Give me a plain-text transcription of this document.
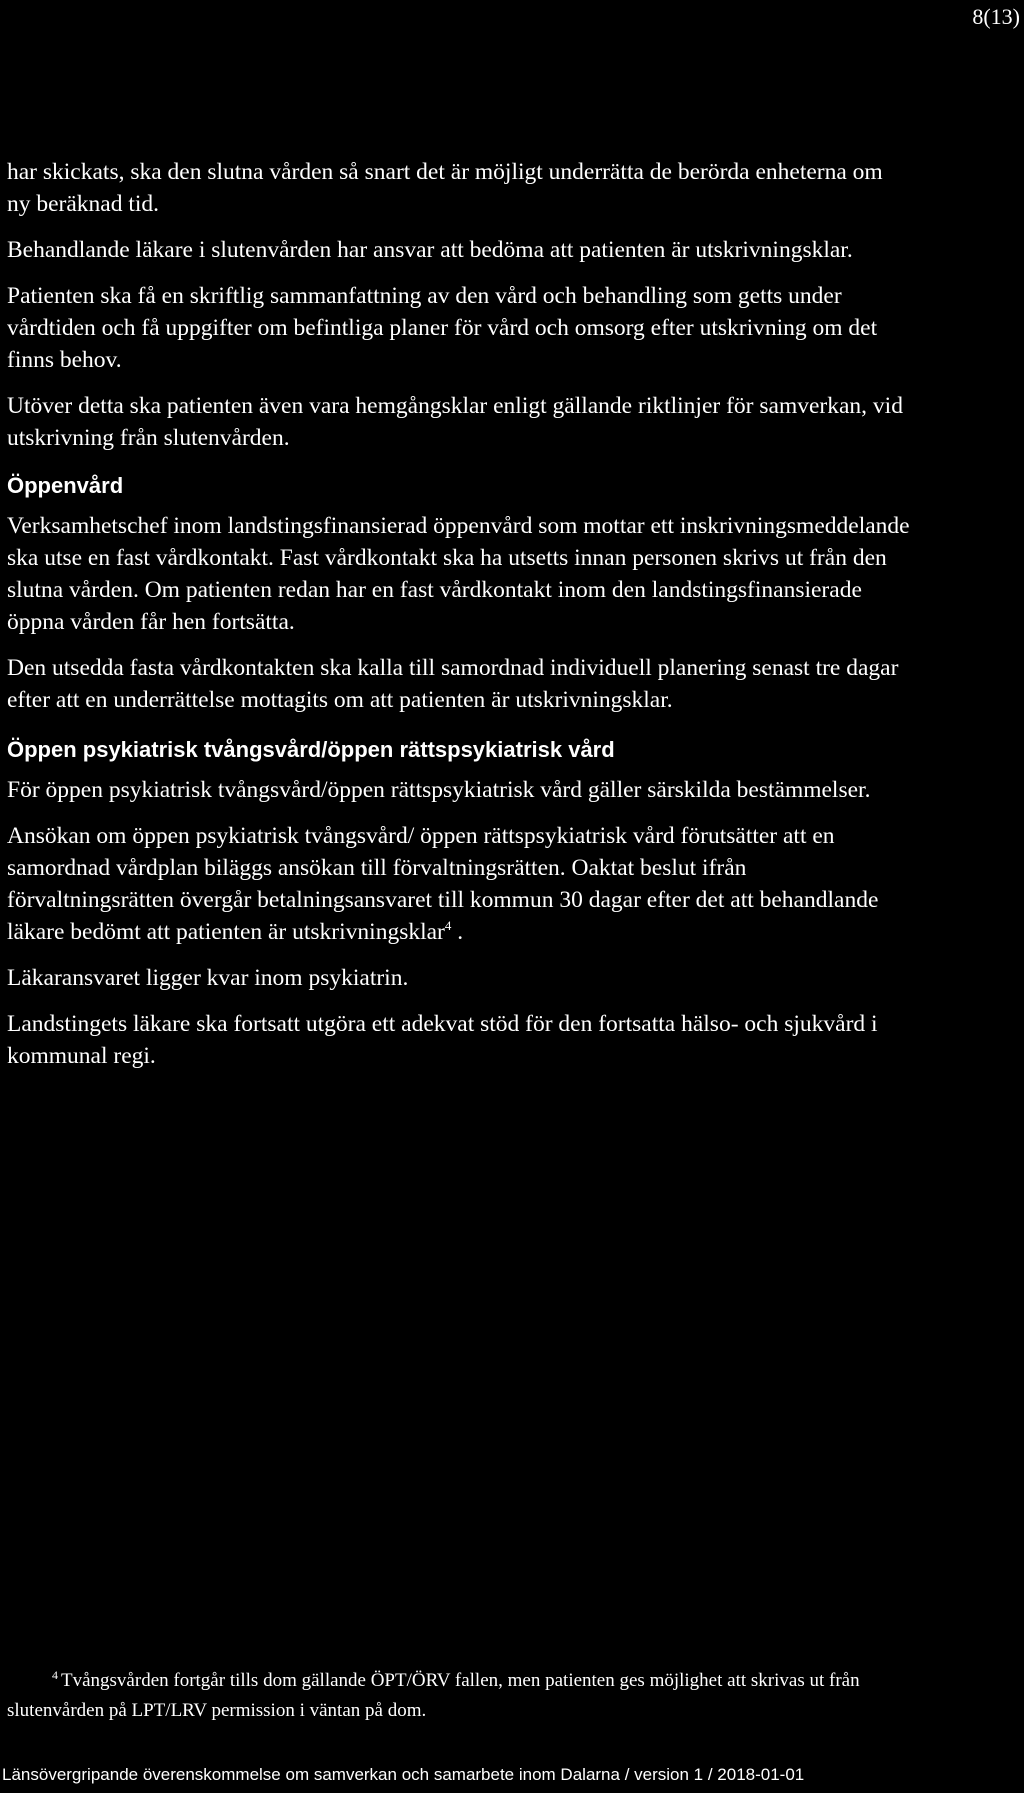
8(13)

har skickats, ska den slutna vården så snart det är möjligt underrätta de berörda enheterna om ny beräknad tid.

Behandlande läkare i slutenvården har ansvar att bedöma att patienten är utskrivningsklar.

Patienten ska få en skriftlig sammanfattning av den vård och behandling som getts under vårdtiden och få uppgifter om befintliga planer för vård och omsorg efter utskrivning om det finns behov.

Utöver detta ska patienten även vara hemgångsklar enligt gällande riktlinjer för samverkan, vid utskrivning från slutenvården.

Öppenvård

Verksamhetschef inom landstingsfinansierad öppenvård som mottar ett inskrivningsmeddelande ska utse en fast vårdkontakt. Fast vårdkontakt ska ha utsetts innan personen skrivs ut från den slutna vården. Om patienten redan har en fast vårdkontakt inom den landstingsfinansierade öppna vården får hen fortsätta.

Den utsedda fasta vårdkontakten ska kalla till samordnad individuell planering senast tre dagar efter att en underrättelse mottagits om att patienten är utskrivningsklar.

Öppen psykiatrisk tvångsvård/öppen rättspsykiatrisk vård

För öppen psykiatrisk tvångsvård/öppen rättspsykiatrisk vård gäller särskilda bestämmelser.

Ansökan om öppen psykiatrisk tvångsvård/ öppen rättspsykiatrisk vård förutsätter att en samordnad vårdplan biläggs ansökan till förvaltningsrätten. Oaktat beslut ifrån förvaltningsrätten övergår betalningsansvaret till kommun 30 dagar efter det att behandlande läkare bedömt att patienten är utskrivningsklar$^4$ .

Läkaransvaret ligger kvar inom psykiatrin.

Landstingets läkare ska fortsatt utgöra ett adekvat stöd för den fortsatta hälso- och sjukvård i kommunal regi.

$^4$ Tvångsvården fortgår tills dom gällande ÖPT/ÖRV fallen, men patienten ges möjlighet att skrivas ut från slutenvården på LPT/LRV permission i väntan på dom.
Länsövergripande överenskommelse om samverkan och samarbete inom Dalarna / version 1 / 2018-01-01
